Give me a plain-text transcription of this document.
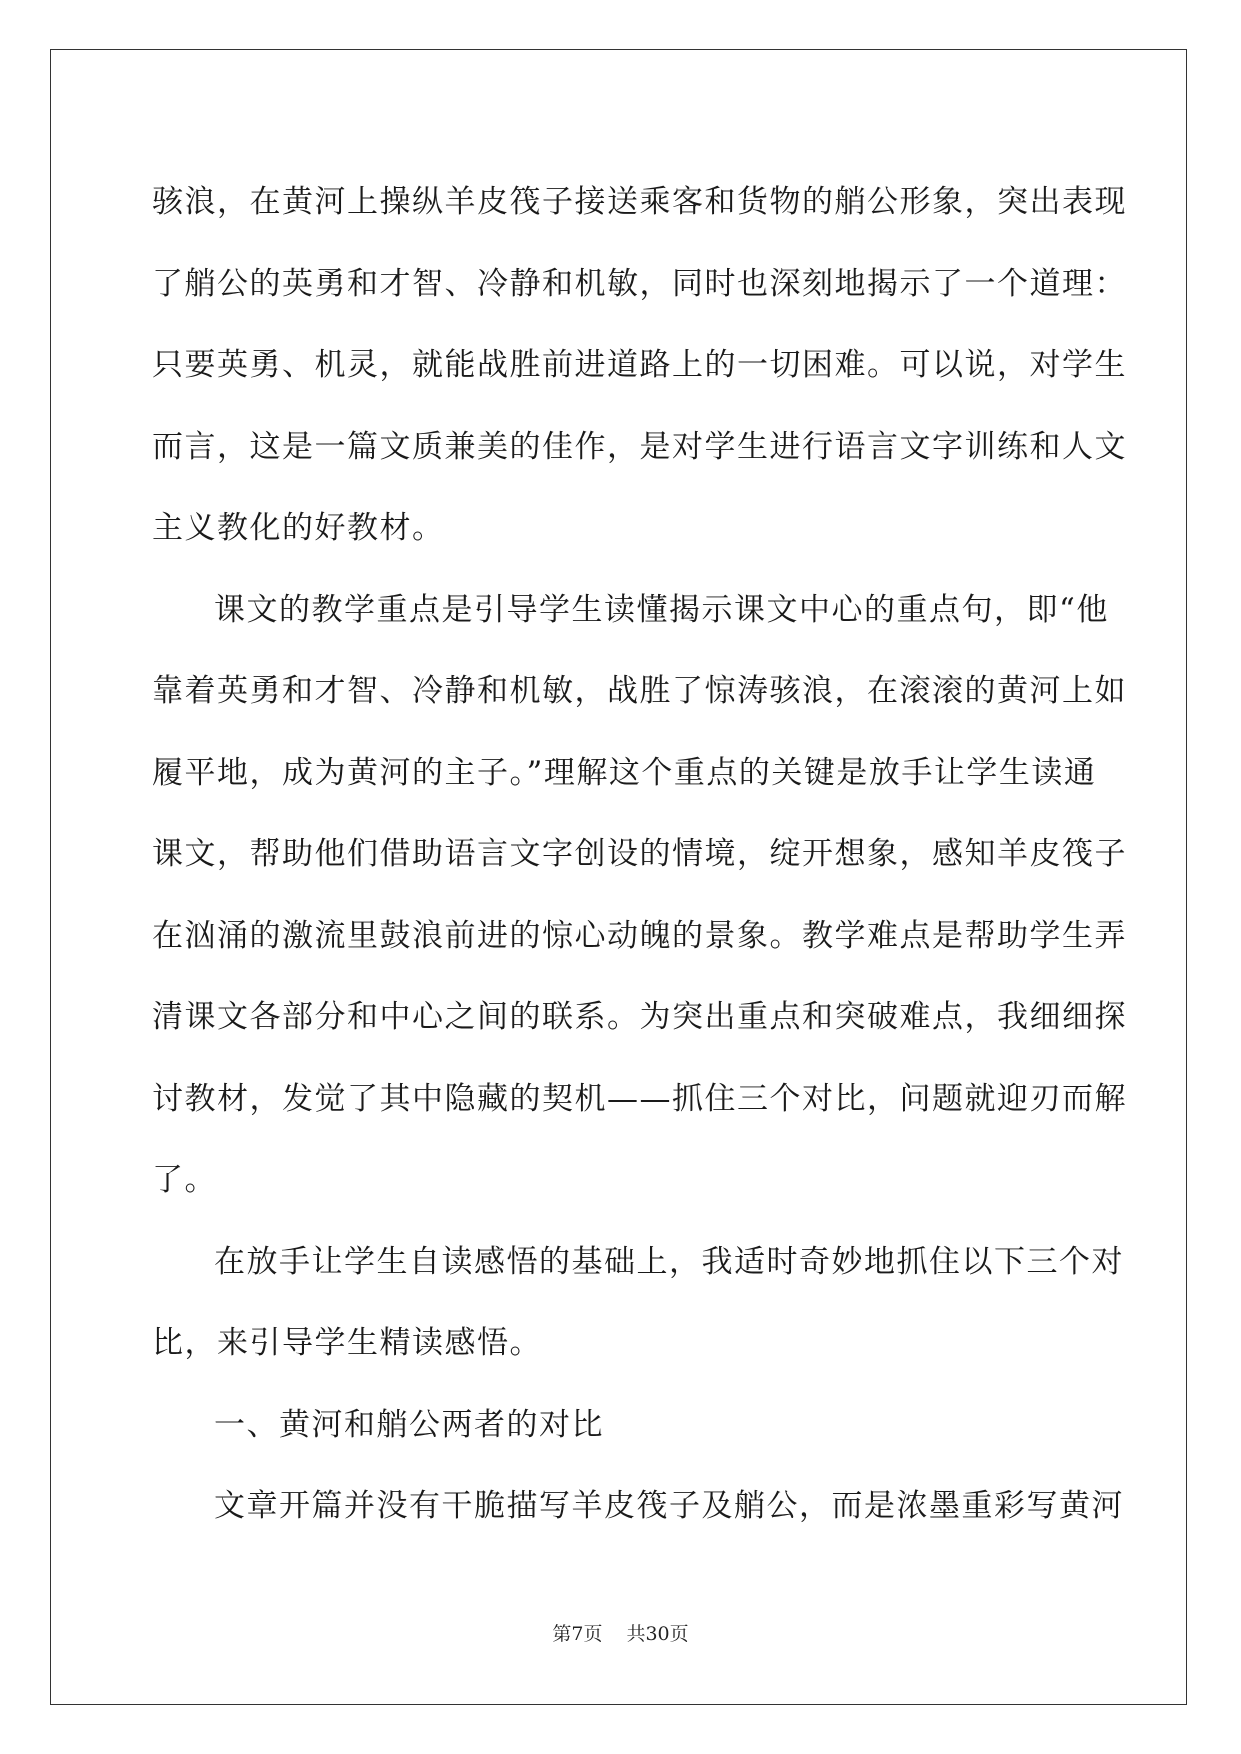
骇浪，在黄河上操纵羊皮筏子接送乘客和货物的艄公形象，突出表现
了艄公的英勇和才智、冷静和机敏，同时也深刻地揭示了一个道理：
只要英勇、机灵，就能战胜前进道路上的一切困难。可以说，对学生
而言，这是一篇文质兼美的佳作，是对学生进行语言文字训练和人文
主义教化的好教材。
课文的教学重点是引导学生读懂揭示课文中心的重点句，即“他
靠着英勇和才智、冷静和机敏，战胜了惊涛骇浪，在滚滚的黄河上如
履平地，成为黄河的主子。”理解这个重点的关键是放手让学生读通
课文，帮助他们借助语言文字创设的情境，绽开想象，感知羊皮筏子
在汹涌的激流里鼓浪前进的惊心动魄的景象。教学难点是帮助学生弄
清课文各部分和中心之间的联系。为突出重点和突破难点，我细细探
讨教材，发觉了其中隐藏的契机——抓住三个对比，问题就迎刃而解
了。
在放手让学生自读感悟的基础上，我适时奇妙地抓住以下三个对
比，来引导学生精读感悟。
一、黄河和艄公两者的对比
文章开篇并没有干脆描写羊皮筏子及艄公，而是浓墨重彩写黄河
第7页 共30页
